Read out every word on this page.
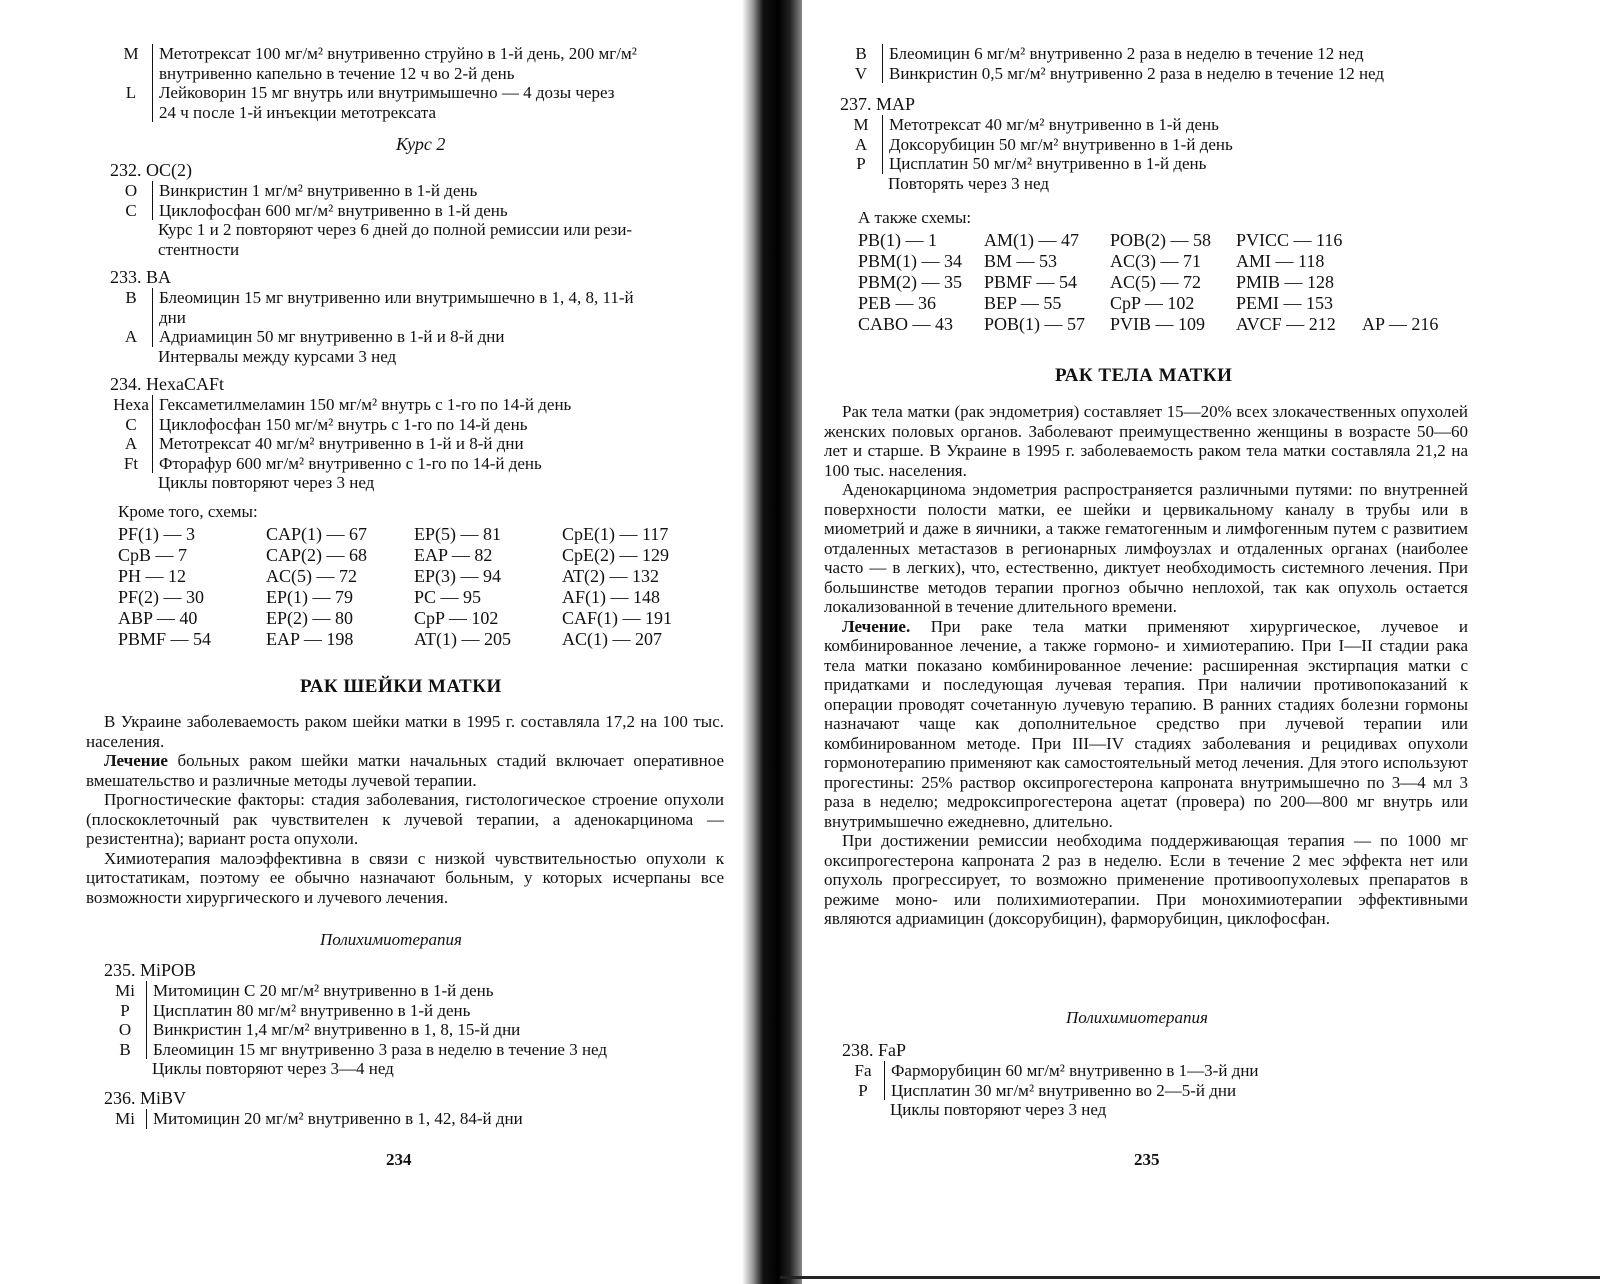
M	Метотрексат 100 мг/м² внутривенно струйно в 1-й день, 200 мг/м²
внутривенно капельно в течение 12 ч во 2-й день
L	Лейковорин 15 мг внутрь или внутримышечно — 4 дозы через
24 ч после 1-й инъекции метотрексата
Курс 2
232. OC(2)
O	Винкристин 1 мг/м² внутривенно в 1-й день
C	Циклофосфан 600 мг/м² внутривенно в 1-й день
Курс 1 и 2 повторяют через 6 дней до полной ремиссии или рези-
стентности
233. BA
B	Блеомицин 15 мг внутривенно или внутримышечно в 1, 4, 8, 11-й
дни
A	Адриамицин 50 мг внутривенно в 1-й и 8-й дни
Интервалы между курсами 3 нед
234. HexaCAFt
Hexa Гексаметилмеламин 150 мг/м² внутрь с 1-го по 14-й день
C	Циклофосфан 150 мг/м² внутрь с 1-го по 14-й день
A	Метотрексат 40 мг/м² внутривенно в 1-й и 8-й дни
Ft	Фторафур 600 мг/м² внутривенно с 1-го по 14-й день
Циклы повторяют через 3 нед
Кроме того, схемы:
PF(1) — 3	CAP(1) — 67	EP(5) — 81	CpE(1) — 117
CpB — 7	CAP(2) — 68	EAP — 82	CpE(2) — 129
PH — 12	AC(5) — 72	EP(3) — 94	AT(2) — 132
PF(2) — 30	EP(1) — 79	PC — 95	AF(1) — 148
ABP — 40	EP(2) — 80	CpP — 102	CAF(1) — 191
PBMF — 54	EAP — 198	AT(1) — 205	AC(1) — 207
РАК ШЕЙКИ МАТКИ

В Украине заболеваемость раком шейки матки в 1995 г. составляла 17,2 на 100 тыс. населения.

Лечение больных раком шейки матки начальных стадий включает оперативное вмешательство и различные методы лучевой терапии.

Прогностические факторы: стадия заболевания, гистологическое строение опухоли (плоскоклеточный рак чувствителен к лучевой терапии, а аденокарцинома — резистентна); вариант роста опухоли.

Химиотерапия малоэффективна в связи с низкой чувствительностью опухоли к цитостатикам, поэтому ее обычно назначают больным, у которых исчерпаны все возможности хирургического и лучевого лечения.

Полихимиотерапия
235. MiPOB
Mi	Митомицин C 20 мг/м² внутривенно в 1-й день
P	Цисплатин 80 мг/м² внутривенно в 1-й день
O	Винкристин 1,4 мг/м² внутривенно в 1, 8, 15-й дни
B	Блеомицин 15 мг внутривенно 3 раза в неделю в течение 3 нед
Циклы повторяют через 3—4 нед
236. MiBV
Mi	Митомицин 20 мг/м² внутривенно в 1, 42, 84-й дни
234
B	Блеомицин 6 мг/м² внутривенно 2 раза в неделю в течение 12 нед
V	Винкристин 0,5 мг/м² внутривенно 2 раза в неделю в течение 12 нед
237. MAP
M	Метотрексат 40 мг/м² внутривенно в 1-й день
A	Доксорубицин 50 мг/м² внутривенно в 1-й день
P	Цисплатин 50 мг/м² внутривенно в 1-й день
Повторять через 3 нед
А также схемы:
PB(1) — 1	AM(1) — 47	POB(2) — 58	PVICC — 116	
PBM(1) — 34	BM — 53	AC(3) — 71	AMI — 118	
PBM(2) — 35	PBMF — 54	AC(5) — 72	PMIB — 128	
PEB — 36	BEP — 55	CpP — 102	PEMI — 153	
CABO — 43	POB(1) — 57	PVIB — 109	AVCF — 212	AP — 216
РАК ТЕЛА МАТКИ

Рак тела матки (рак эндометрия) составляет 15—20% всех злокачественных опухолей женских половых органов. Заболевают преимущественно женщины в возрасте 50—60 лет и старше. В Украине в 1995 г. заболеваемость раком тела матки составляла 21,2 на 100 тыс. населения.

Аденокарцинома эндометрия распространяется различными путями: по внутренней поверхности полости матки, ее шейки и цервикальному каналу в трубы или в миометрий и даже в яичники, а также гематогенным и лимфогенным путем с развитием отдаленных метастазов в регионарных лимфоузлах и отдаленных органах (наиболее часто — в легких), что, естественно, диктует необходимость системного лечения. При большинстве методов терапии прогноз обычно неплохой, так как опухоль остается локализованной в течение длительного времени.

Лечение. При раке тела матки применяют хирургическое, лучевое и комбинированное лечение, а также гормоно- и химиотерапию. При I—II стадии рака тела матки показано комбинированное лечение: расширенная экстирпация матки с придатками и последующая лучевая терапия. При наличии противопоказаний к операции проводят сочетанную лучевую терапию. В ранних стадиях болезни гормоны назначают чаще как дополнительное средство при лучевой терапии или комбинированном методе. При III—IV стадиях заболевания и рецидивах опухоли гормонотерапию применяют как самостоятельный метод лечения. Для этого используют прогестины: 25% раствор оксипрогестерона капроната внутримышечно по 3—4 мл 3 раза в неделю; медроксипрогестерона ацетат (провера) по 200—800 мг внутрь или внутримышечно ежедневно, длительно.

При достижении ремиссии необходима поддерживающая терапия — по 1000 мг оксипрогестерона капроната 2 раз в неделю. Если в течение 2 мес эффекта нет или опухоль прогрессирует, то возможно применение противоопухолевых препаратов в режиме моно- или полихимиотерапии. При монохимиотерапии эффективными являются адриамицин (доксорубицин), фарморубицин, циклофосфан.

Полихимиотерапия
238. FaP
Fa	Фарморубицин 60 мг/м² внутривенно в 1—3-й дни
P	Цисплатин 30 мг/м² внутривенно во 2—5-й дни
Циклы повторяют через 3 нед
235
